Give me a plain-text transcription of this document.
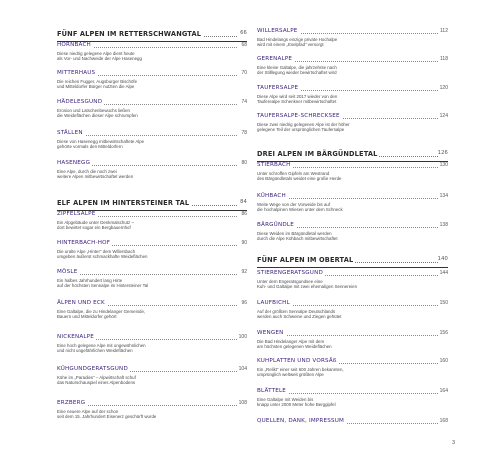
FÜNF ALPEN IM RETTERSCHWANGTAL	66
HORNBACH	68
Diese niedrig gelegene Alpe dient heute
als Vor- und Nachweide der Alpe Hasenegg
MITTERHAUS	70
Die reichen Fugger, Augsburger Bischöfe
und Mitteldorfer Bürger nutzten die Alpe
HÄDELESGUND	74
Erosion und Latschenbewuchs ließen
die Weideflächen dieser Alpe schrumpfen
STÄLLEN	78
Diese von Hasenegg mitbewirtschaftete Alpe
gehörte vormals den Mitteldorfern
HASENEGG	80
Eine Alpe, durch die noch zwei
weitere Alpen mitbewirtschaftet werden
ELF ALPEN IM HINTERSTEINER TAL	84
ZIPFELSALPE	86
Ein Alpgebäude unter Denkmalschutz –
dort bewirtet sogar ein Bergbauernhof
HINTERBACH-HOF	90
Die uralte Alpe „Hinter“ dem Willersbach
umgeben äußerst schmackhafte Weideflächen
MÖSLE	92
Ein halbes Jahrhundert lang Hirte
auf der höchsten Sennalpe im Hintersteiner Tal
ÄLPEN UND ECK	96
Eine Galtalpe, die zu Hindelanger Gemeinde,
Bauern und Mitteldorfer gehört
NICKENALPE	100
Eine hoch gelegene Alpe mit ungewöhnlichen
und nicht ungefährlichen Weideflächen
KÜHGUNDGERATSGUND	104
Kühe im „Paradies“ – Alpwirtschaft schuf
das Naturschauspiel eines Alpenbodens
ERZBERG	108
Eine neuere Alpe auf der schon
seit dem 15. Jahrhundert Eisenerz geschürft wurde
WILLERSALPE	112
Bad Hindelangs einzige private Hochalpe
wird mit einem „Eselpfad“ versorgt
GERENALPE	118
Eine kleine Galtalpe, die jahrzehnte nach
der Stilllegung wieder bewirtschaftet wird
TAUFERSALPE	120
Diese Alpe wird seit 2017 wieder von den
Tauferealpe Schenkner mitbewirtschaftet
TAUFERSALPE-SCHRECKSEE	124
Diese zwei niedrig gelegenen Alpe ist der höher
gelegene Teil der ursprünglichen Taufersalpe
DREI ALPEN IM BÄRGÜNDLETAL	126
STIERBACH	130
Unter schroffen Gipfeln am Westrand
des Bärgündletals weidet eine große Herde
KÜHBACH	134
Weite Wege von der Vorweide bis auf
die hochalpinen Wiesen unter dem Schneck
BÄRGÜNDLE	138
Diese Weiden im Bärgündletal werden
durch die Alpe Kühbach mitbewirtschaftet
FÜNF ALPEN IM OBERTAL	140
STIERENGERATSGUND	144
Unter dem Engeratsgundsee eine
Kuh- und Galtalpe mit zwei ehemaligen Sennereien
LAUFBICHL	150
Auf der größten Sennalpe Deutschlands
werden auch Schweine und Ziegen gehütet
WENGEN	156
Die Bad Hindelanger Alpe mit dem
am höchsten gelegenen Weideflächen
KUHPLATTEN UND VORSÄß	160
Ein „Relikt“ einer seit 600 Jahren bekannten,
ursprünglich weltweit größten Alpe
BLÄTTELE	164
Eine Galtalpe mit Weiden bis
knapp unter 2000 Meter hohe Berggipfel
QUELLEN, DANK, IMPRESSUM	168
3
